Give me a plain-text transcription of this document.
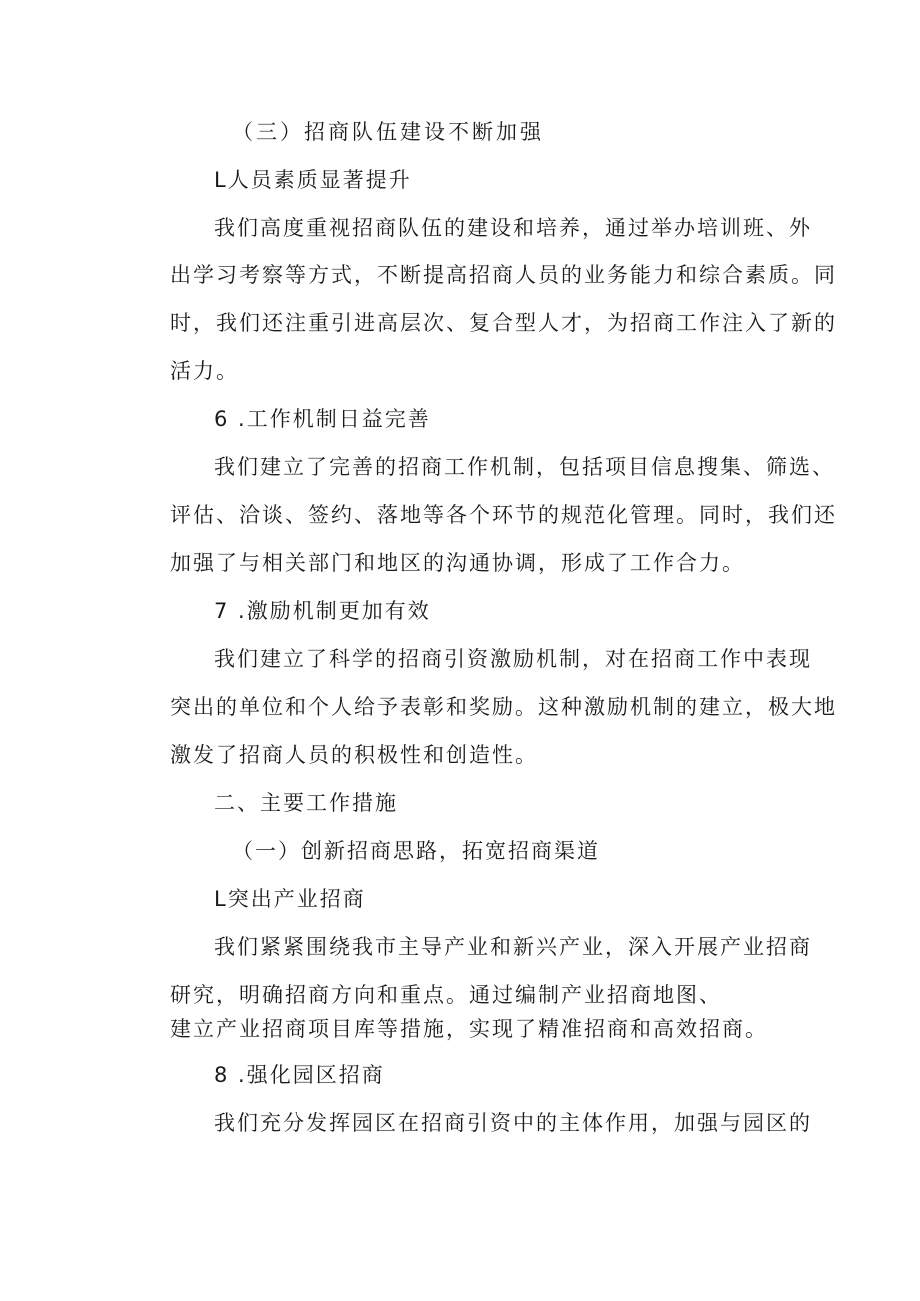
（三）招商队伍建设不断加强

L人员素质显著提升

我们高度重视招商队伍的建设和培养，通过举办培训班、外

出学习考察等方式，不断提高招商人员的业务能力和综合素质。同

时，我们还注重引进高层次、复合型人才，为招商工作注入了新的

活力。

6 .工作机制日益完善

我们建立了完善的招商工作机制，包括项目信息搜集、筛选、

评估、洽谈、签约、落地等各个环节的规范化管理。同时，我们还

加强了与相关部门和地区的沟通协调，形成了工作合力。

7 .激励机制更加有效

我们建立了科学的招商引资激励机制，对在招商工作中表现

突出的单位和个人给予表彰和奖励。这种激励机制的建立，极大地

激发了招商人员的积极性和创造性。

二、主要工作措施

（一）创新招商思路，拓宽招商渠道

L突出产业招商

我们紧紧围绕我市主导产业和新兴产业，深入开展产业招商

研究，明确招商方向和重点。通过编制产业招商地图、

建立产业招商项目库等措施，实现了精准招商和高效招商。

8 .强化园区招商

我们充分发挥园区在招商引资中的主体作用，加强与园区的
